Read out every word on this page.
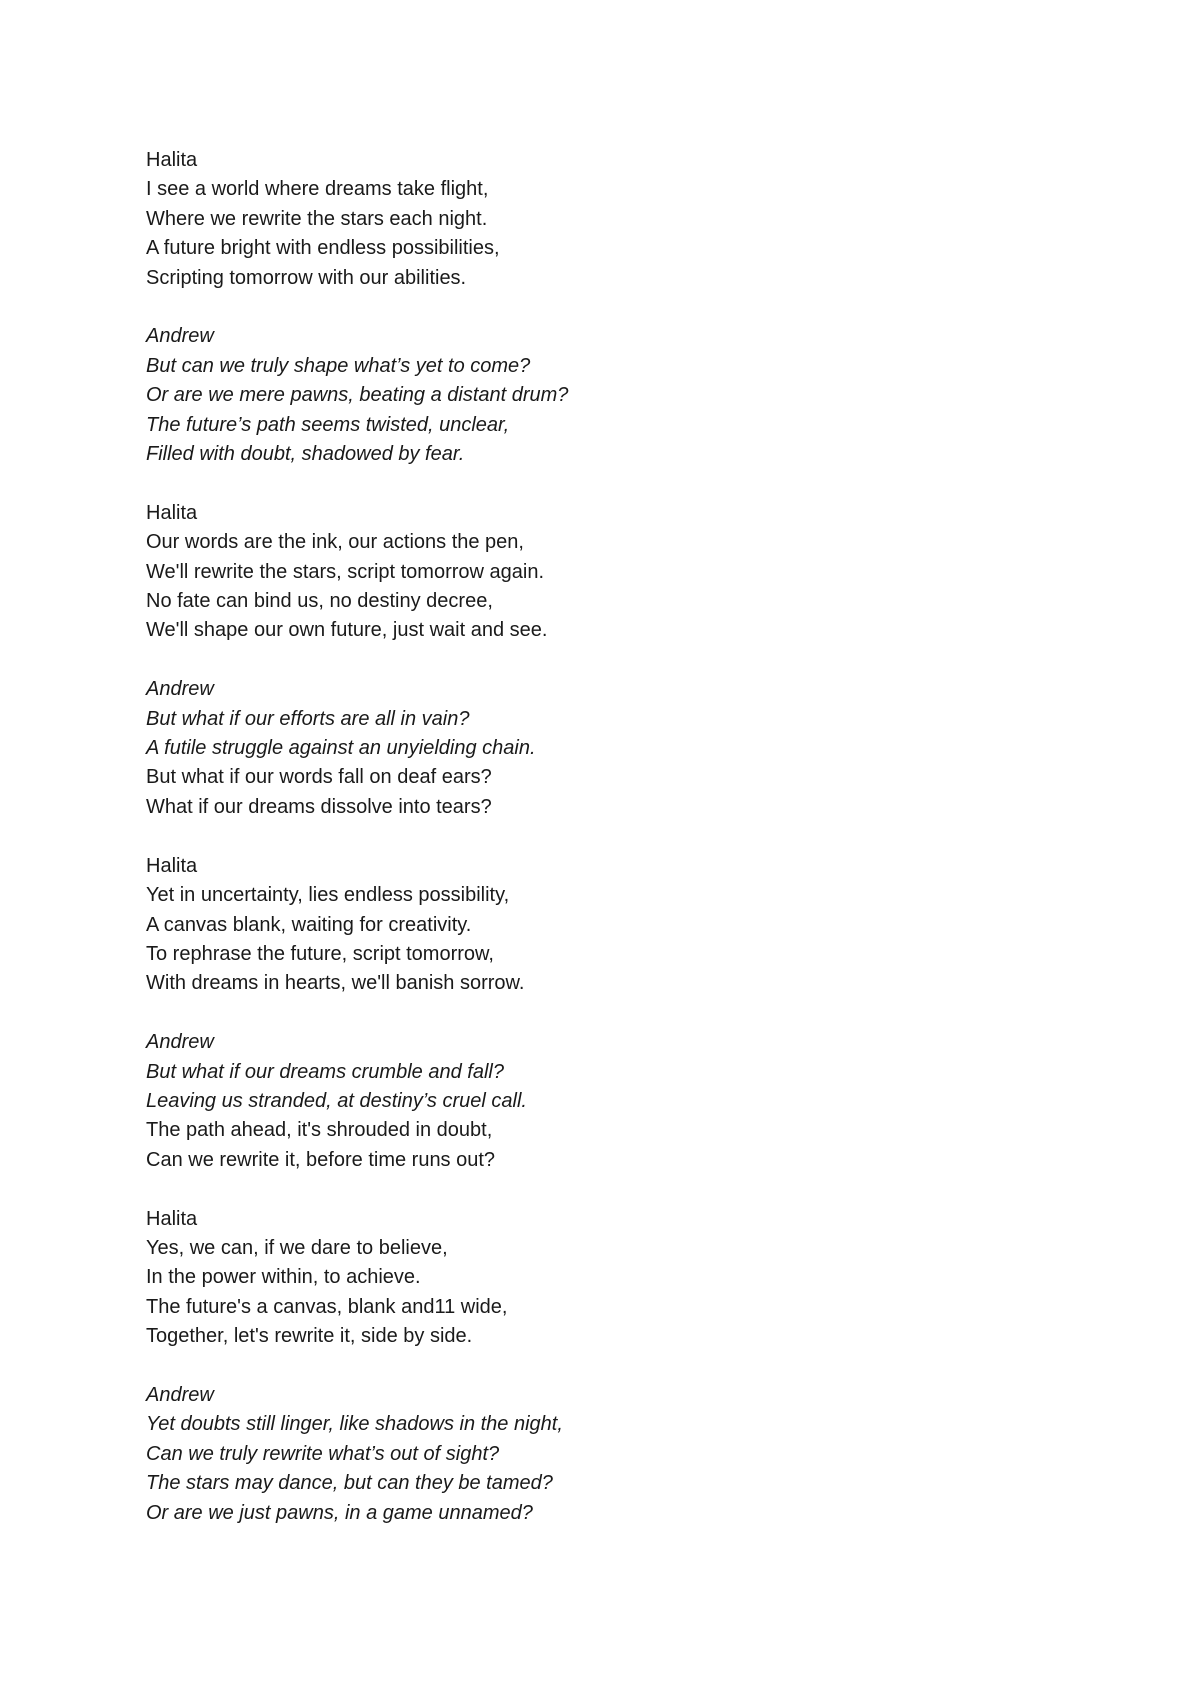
Halita
I see a world where dreams take flight,
Where we rewrite the stars each night.
A future bright with endless possibilities,
Scripting tomorrow with our abilities.
Andrew
But can we truly shape what’s yet to come?
Or are we mere pawns, beating a distant drum?
The future’s path seems twisted, unclear,
Filled with doubt, shadowed by fear.
Halita
Our words are the ink, our actions the pen,
We'll rewrite the stars, script tomorrow again.
No fate can bind us, no destiny decree,
We'll shape our own future, just wait and see.
Andrew
But what if our efforts are all in vain?
A futile struggle against an unyielding chain.
But what if our words fall on deaf ears?
What if our dreams dissolve into tears?
Halita
Yet in uncertainty, lies endless possibility,
A canvas blank, waiting for creativity.
To rephrase the future, script tomorrow,
With dreams in hearts, we'll banish sorrow.
Andrew
But what if our dreams crumble and fall?
Leaving us stranded, at destiny’s cruel call.
The path ahead, it's shrouded in doubt,
Can we rewrite it, before time runs out?
Halita
Yes, we can, if we dare to believe,
In the power within, to achieve.
The future's a canvas, blank and11 wide,
Together, let's rewrite it, side by side.
Andrew
Yet doubts still linger, like shadows in the night,
Can we truly rewrite what’s out of sight?
The stars may dance, but can they be tamed?
Or are we just pawns, in a game unnamed?
